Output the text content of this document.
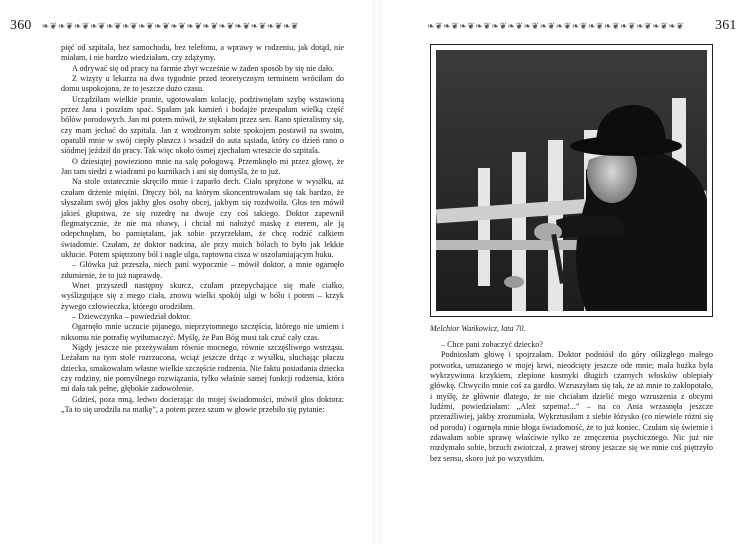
360 ❧❦❧❦❧❦❧❦❧❦❧❦❧❦❧❦❧❦❧❦❧❦❧❦❧❦❧❦❧❦❧❦

pięć od szpitala, bez samochodu, bez telefonu, a wprawy w rodzeniu, jak dotąd, nie miałam, i nie bardzo wiedziałam, czy zdążymy.

A odrywać się od pracy na farmie zbyt wcześnie w żaden sposób by się nie dało.

Z wizyty u lekarza na dwa tygodnie przed teoretycznym terminem wróciłam do domu uspokojona, że to jeszcze dużo czasu.

Urządziłam wielkie pranie, ugotowałam kolację, podziwnęłam szybę wstawioną przez Jana i poszłam spać. Spałam jak kamień i bodajże przespałam wielką część bólów porodowych. Jan mi potem mówił, że stękałam przez sen. Rano spieralismy się, czy mam jechać do szpitala. Jan z wrodzonym sobie spokojem postawił na swoim, opatulił mnie w swój ciepły płaszcz i wsadził do auta sąsiada, który co dzień rano o siódmej jeździł do pracy. Tak więc około ósmej zjechałam wreszcie do szpitala.

O dziesiątej powieziono mnie na salę połogową. Przemknęło mi przez głowę, że Jan tam siedzi z wiadrami po kurnikach i ani się domyśla, że to już.

Na stole ostatecznie skręciło mnie i zaparło dech. Ciało sprężone w wysiłku, aż czułam drżenie mięśni. Dręczy ból, na którym skoncentrowałam się tak bardzo, że słyszałam swój głos jakby głos osoby obcej, jakbym się rozdwoiła. Głos ten mówił jakieś głupstwa, że się rozedrę na dwoje czy coś takiego. Doktor zapewnił flegmatycznie, że nie ma obawy, i chciał mi nałożyć maskę z eterem, ale ją odepchnęłam, bo pamiętałam, jak sobie przyrzekłam, że chcę rodzić całkiem świadomie. Czułam, że doktor nadcina, ale przy moich bólach to było jak lekkie ukłucie. Potem spiętrzony ból i nagle ulga, raptowna cisza w oszołamiającym huku.

– Główka już przeszła, niech pani wypocznie – mówił doktor, a mnie ogarnęło zdumienie, że to już naprawdę.

Wnet przyszedł następny skurcz, czułam przepychające się małe ciałko, wyślizgujące się z mego ciała, znowu wielki spokój ulgi w bólu i potem – krzyk żywego człowieczka, którego urodziłam.

– Dziewczynka – powiedział doktor.

Ogarnęło mnie uczucie pijanego, nieprzytomnego szczęścia, którego nie umiem i niksomu nie potrafię wytłumaczyć. Myślę, że Pan Bóg musi tak czuć cały czas.

Nigdy jeszcze nie przeżywałam równie mocnego, równie szczęśliwego wstrząsu. Leżałam na tym stole rozrzucona, wciąż jeszcze drżąc z wysiłku, słuchając płaczu dziecka, smakowałam własne wielkie szczęście rodzenia. Nie faktu posiadania dziecka czy rodziny, nie pomyślnego rozwiązania, tylko właśnie samej funkcji rodzenia, która mi dała tak pełne, głębokie zadowolenie.

Gdzieś, poza mną, ledwo docierając do mojej świadomości, mówił głos doktora: „Ta to się urodziła na matkę”, a potem przez szum w głowie przebiło się pytanie:

❧❦❧❦❧❦❧❦❧❦❧❦❧❦❧❦❧❦❧❦❧❦❧❦❧❦❧❦❧❦❧❦	361
Melchior Wańkowicz, lata 70.

– Chce pani zobaczyć dziecko?

Podniosłam głowę i spojrzałam. Doktor podniósł do góry oślizgłego małego potworka, umazanego w mojej krwi, nieodcięty jeszcze ode mnie; mała buźka była wykrzywiona krzykiem, zlepione kosmyki długich czarnych włosków oblepiały główkę. Chwyciło mnie coś za gardło. Wzruszyłam się tak, że aż mnie to zakłopotało, i myślę, że głównie dlatego, że nie chciałam dzielić mego wzruszenia z obcymi ludźmi, powiedziałam: „Ależ szpetna!...” – na co Ania wrzasnęła jeszcze przeraźliwiej, jakby zrozumiała. Wykrztusiłam z siebie łóżysko (co niewiele różni się od porodu) i ogarnęła mnie błoga świadomość, że to już koniec. Czułam się świetnie i zdawałam sobie sprawę właściwie tylko ze zmęczenia psychicznego. Nic już nie rozdymało sobie, brzuch zwiotczał, z prawej strony jeszcze się we mnie coś piętrzyło bez sensu, skoro już po wszystkim.
